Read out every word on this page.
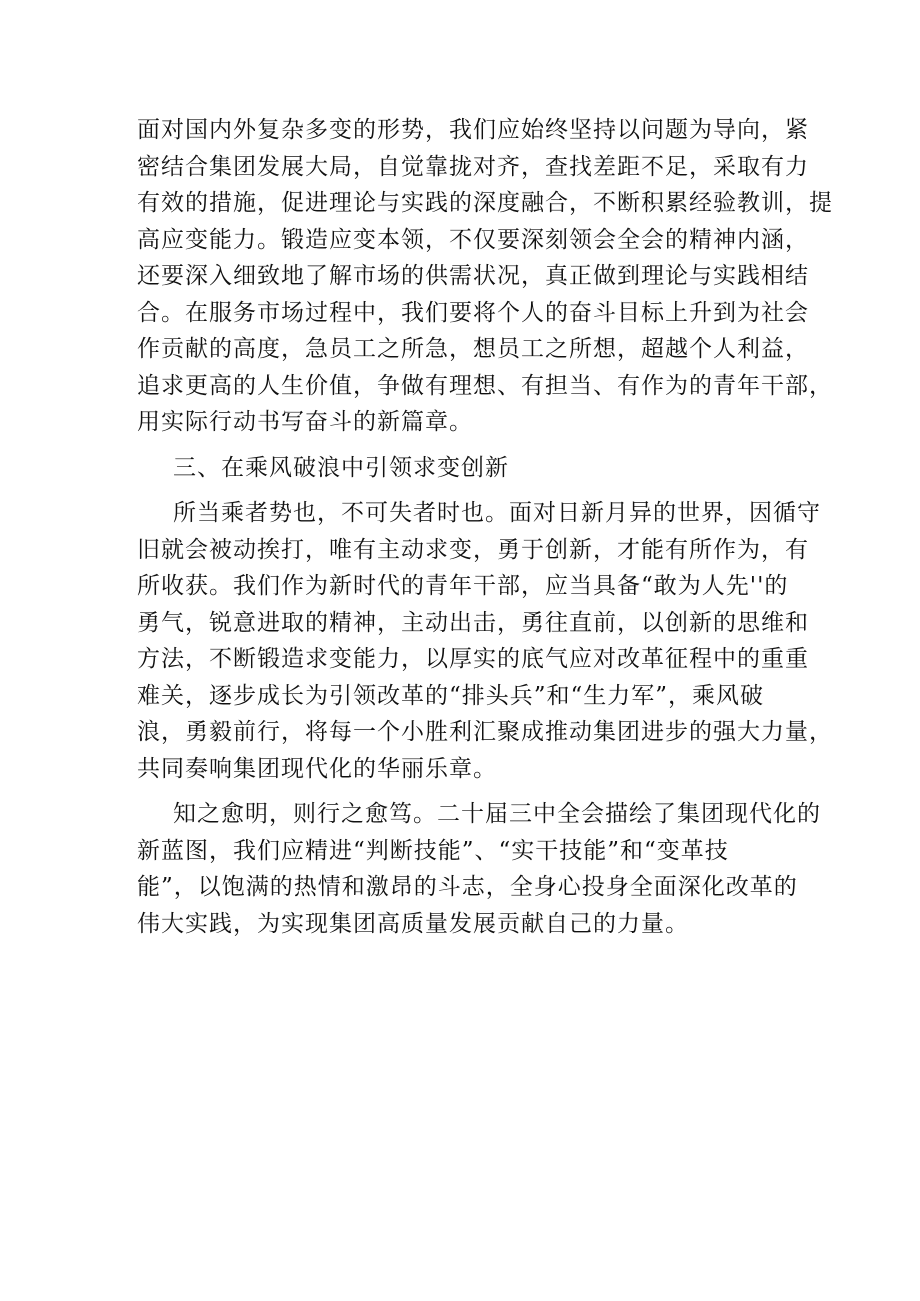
面对国内外复杂多变的形势，我们应始终坚持以问题为导向，紧
密结合集团发展大局，自觉靠拢对齐，查找差距不足，采取有力
有效的措施，促进理论与实践的深度融合，不断积累经验教训，提
高应变能力。锻造应变本领，不仅要深刻领会全会的精神内涵，
还要深入细致地了解市场的供需状况，真正做到理论与实践相结
合。在服务市场过程中，我们要将个人的奋斗目标上升到为社会
作贡献的高度，急员工之所急，想员工之所想，超越个人利益，
追求更高的人生价值，争做有理想、有担当、有作为的青年干部，
用实际行动书写奋斗的新篇章。
三、在乘风破浪中引领求变创新
所当乘者势也，不可失者时也。面对日新月异的世界，因循守
旧就会被动挨打，唯有主动求变，勇于创新，才能有所作为，有
所收获。我们作为新时代的青年干部，应当具备“敢为人先''的
勇气，锐意进取的精神，主动出击，勇往直前，以创新的思维和
方法，不断锻造求变能力，以厚实的底气应对改革征程中的重重
难关，逐步成长为引领改革的“排头兵”和“生力军”，乘风破
浪，勇毅前行，将每一个小胜利汇聚成推动集团进步的强大力量，
共同奏响集团现代化的华丽乐章。
知之愈明，则行之愈笃。二十届三中全会描绘了集团现代化的
新蓝图，我们应精进“判断技能”、“实干技能”和“变革技
能”，以饱满的热情和激昂的斗志，全身心投身全面深化改革的
伟大实践，为实现集团高质量发展贡献自己的力量。
